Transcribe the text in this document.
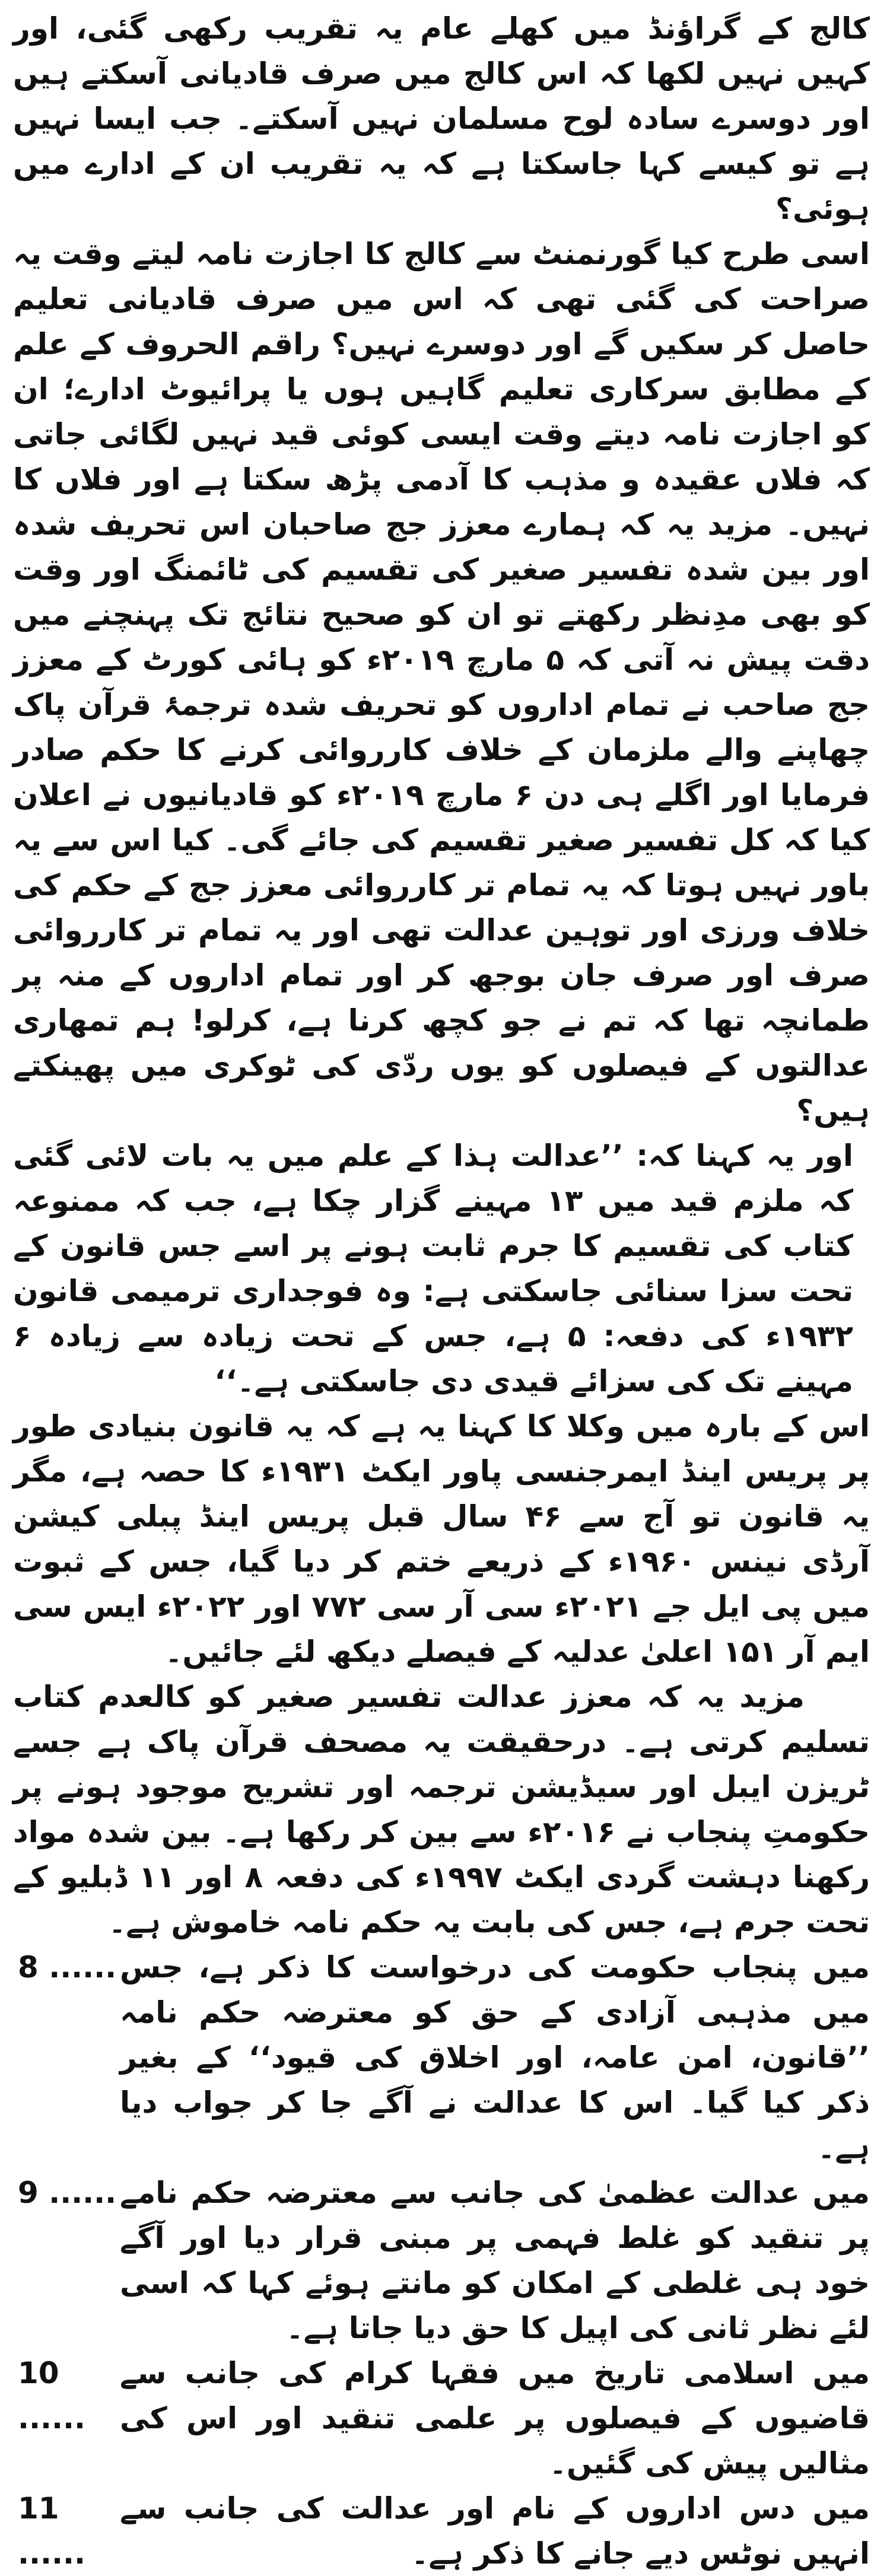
کالج کے گراؤنڈ میں کھلے عام یہ تقریب رکھی گئی، اور کہیں نہیں لکھا کہ اس کالج میں صرف قادیانی آسکتے ہیں اور دوسرے سادہ لوح مسلمان نہیں آسکتے۔ جب ایسا نہیں ہے تو کیسے کہا جاسکتا ہے کہ یہ تقریب ان کے ادارے میں ہوئی؟

اسی طرح کیا گورنمنٹ سے کالج کا اجازت نامہ لیتے وقت یہ صراحت کی گئی تھی کہ اس میں صرف قادیانی تعلیم حاصل کر سکیں گے اور دوسرے نہیں؟ راقم الحروف کے علم کے مطابق سرکاری تعلیم گاہیں ہوں یا پرائیوٹ ادارے؛ ان کو اجازت نامہ دیتے وقت ایسی کوئی قید نہیں لگائی جاتی کہ فلاں عقیدہ و مذہب کا آدمی پڑھ سکتا ہے اور فلاں کا نہیں۔ مزید یہ کہ ہمارے معزز جج صاحبان اس تحریف شدہ اور بین شدہ تفسیر صغیر کی تقسیم کی ٹائمنگ اور وقت کو بھی مدِنظر رکھتے تو ان کو صحیح نتائج تک پہنچنے میں دقت پیش نہ آتی کہ ۵ مارچ ۲۰۱۹ء کو ہائی کورٹ کے معزز جج صاحب نے تمام اداروں کو تحریف شدہ ترجمۂ قرآن پاک چھاپنے والے ملزمان کے خلاف کارروائی کرنے کا حکم صادر فرمایا اور اگلے ہی دن ۶ مارچ ۲۰۱۹ء کو قادیانیوں نے اعلان کیا کہ کل تفسیر صغیر تقسیم کی جائے گی۔ کیا اس سے یہ باور نہیں ہوتا کہ یہ تمام تر کارروائی معزز جج کے حکم کی خلاف ورزی اور توہین عدالت تھی اور یہ تمام تر کارروائی صرف اور صرف جان بوجھ کر اور تمام اداروں کے منہ پر طمانچہ تھا کہ تم نے جو کچھ کرنا ہے، کرلو! ہم تمھاری عدالتوں کے فیصلوں کو یوں ردّی کی ٹوکری میں پھینکتے ہیں؟

اور یہ کہنا کہ: ’’عدالت ہذا کے علم میں یہ بات لائی گئی کہ ملزم قید میں ۱۳ مہینے گزار چکا ہے، جب کہ ممنوعہ کتاب کی تقسیم کا جرم ثابت ہونے پر اسے جس قانون کے تحت سزا سنائی جاسکتی ہے: وہ فوجداری ترمیمی قانون ۱۹۳۲ء کی دفعہ: ۵ ہے، جس کے تحت زیادہ سے زیادہ ۶ مہینے تک کی سزائے قیدی دی جاسکتی ہے۔‘‘

اس کے بارہ میں وکلا کا کہنا یہ ہے کہ یہ قانون بنیادی طور پر پریس اینڈ ایمرجنسی پاور ایکٹ ۱۹۳۱ء کا حصہ ہے، مگر یہ قانون تو آج سے ۴۶ سال قبل پریس اینڈ پبلی کیشن آرڈی نینس ۱۹۶۰ء کے ذریعے ختم کر دیا گیا، جس کے ثبوت میں پی ایل جے ۲۰۲۱ء سی آر سی ۷۷۲ اور ۲۰۲۲ء ایس سی ایم آر ۱۵۱ اعلیٰ عدلیہ کے فیصلے دیکھ لئے جائیں۔

مزید یہ کہ معزز عدالت تفسیر صغیر کو کالعدم کتاب تسلیم کرتی ہے۔ درحقیقت یہ مصحف قرآن پاک ہے جسے ٹریزن ایبل اور سیڈیشن ترجمہ اور تشریح موجود ہونے پر حکومتِ پنجاب نے ۲۰۱۶ء سے بین کر رکھا ہے۔ بین شدہ مواد رکھنا دہشت گردی ایکٹ ۱۹۹۷ء کی دفعہ ۸ اور ۱۱ ڈبلیو کے تحت جرم ہے، جس کی بابت یہ حکم نامہ خاموش ہے۔

میں پنجاب حکومت کی درخواست کا ذکر ہے، جس میں مذہبی آزادی کے حق کو معترضہ حکم نامہ ’’قانون، امن عامہ، اور اخلاق کی قیود‘‘ کے بغیر ذکر کیا گیا۔ اس کا عدالت نے آگے جا کر جواب دیا ہے۔
8 ......
میں عدالت عظمیٰ کی جانب سے معترضہ حکم نامے پر تنقید کو غلط فہمی پر مبنی قرار دیا اور آگے خود ہی غلطی کے امکان کو مانتے ہوئے کہا کہ اسی لئے نظر ثانی کی اپیل کا حق دیا جاتا ہے۔
9 ......
میں اسلامی تاریخ میں فقہا کرام کی جانب سے قاضیوں کے فیصلوں پر علمی تنقید اور اس کی مثالیں پیش کی گئیں۔
10 ......
میں دس اداروں کے نام اور عدالت کی جانب سے انہیں نوٹس دیے جانے کا ذکر ہے۔
11 ......
